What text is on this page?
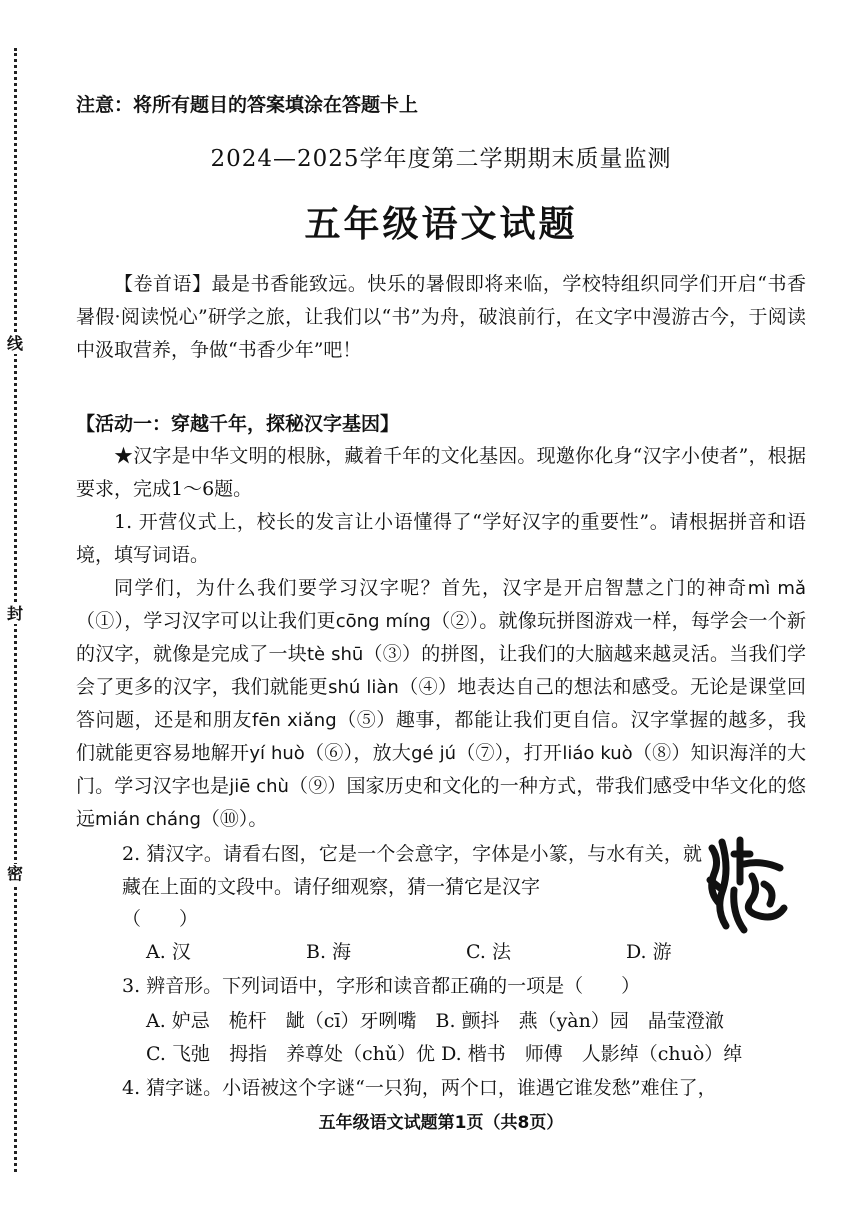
线
封
密
注意：将所有题目的答案填涂在答题卡上
2024—2025学年度第二学期期末质量监测
五年级语文试题
【卷首语】最是书香能致远。快乐的暑假即将来临，学校特组织同学们开启“书香暑假·阅读悦心”研学之旅，让我们以“书”为舟，破浪前行，在文字中漫游古今，于阅读中汲取营养，争做“书香少年”吧！
【活动一：穿越千年，探秘汉字基因】
★汉字是中华文明的根脉，藏着千年的文化基因。现邀你化身“汉字小使者”，根据要求，完成1～6题。
1. 开营仪式上，校长的发言让小语懂得了“学好汉字的重要性”。请根据拼音和语境，填写词语。
同学们，为什么我们要学习汉字呢？首先，汉字是开启智慧之门的神奇mì mǎ（①），学习汉字可以让我们更cōng míng（②）。就像玩拼图游戏一样，每学会一个新的汉字，就像是完成了一块tè shū（③）的拼图，让我们的大脑越来越灵活。当我们学会了更多的汉字，我们就能更shú liàn（④）地表达自己的想法和感受。无论是课堂回答问题，还是和朋友fēn xiǎng（⑤）趣事，都能让我们更自信。汉字掌握的越多，我们就能更容易地解开yí huò（⑥），放大gé jú（⑦），打开liáo kuò（⑧）知识海洋的大门。学习汉字也是jiē chù（⑨）国家历史和文化的一种方式，带我们感受中华文化的悠远mián cháng（⑩）。
2. 猜汉字。请看右图，它是一个会意字，字体是小篆，与水有关，就藏在上面的文段中。请仔细观察，猜一猜它是汉字
（　　）
A. 汉	B. 海	C. 法	D. 游
3. 辨音形。下列词语中，字形和读音都正确的一项是（　　）
A. 妒忌　桅杆　龇（cī）牙咧嘴 　B. 颤抖　燕（yàn）园　晶莹澄澈
C. 飞弛　拇指　养尊处（chǔ）优 D. 楷书　师傅　人影绰（chuò）绰
4. 猜字谜。小语被这个字谜“一只狗，两个口，谁遇它谁发愁”难住了，
五年级语文试题第1页（共8页）
